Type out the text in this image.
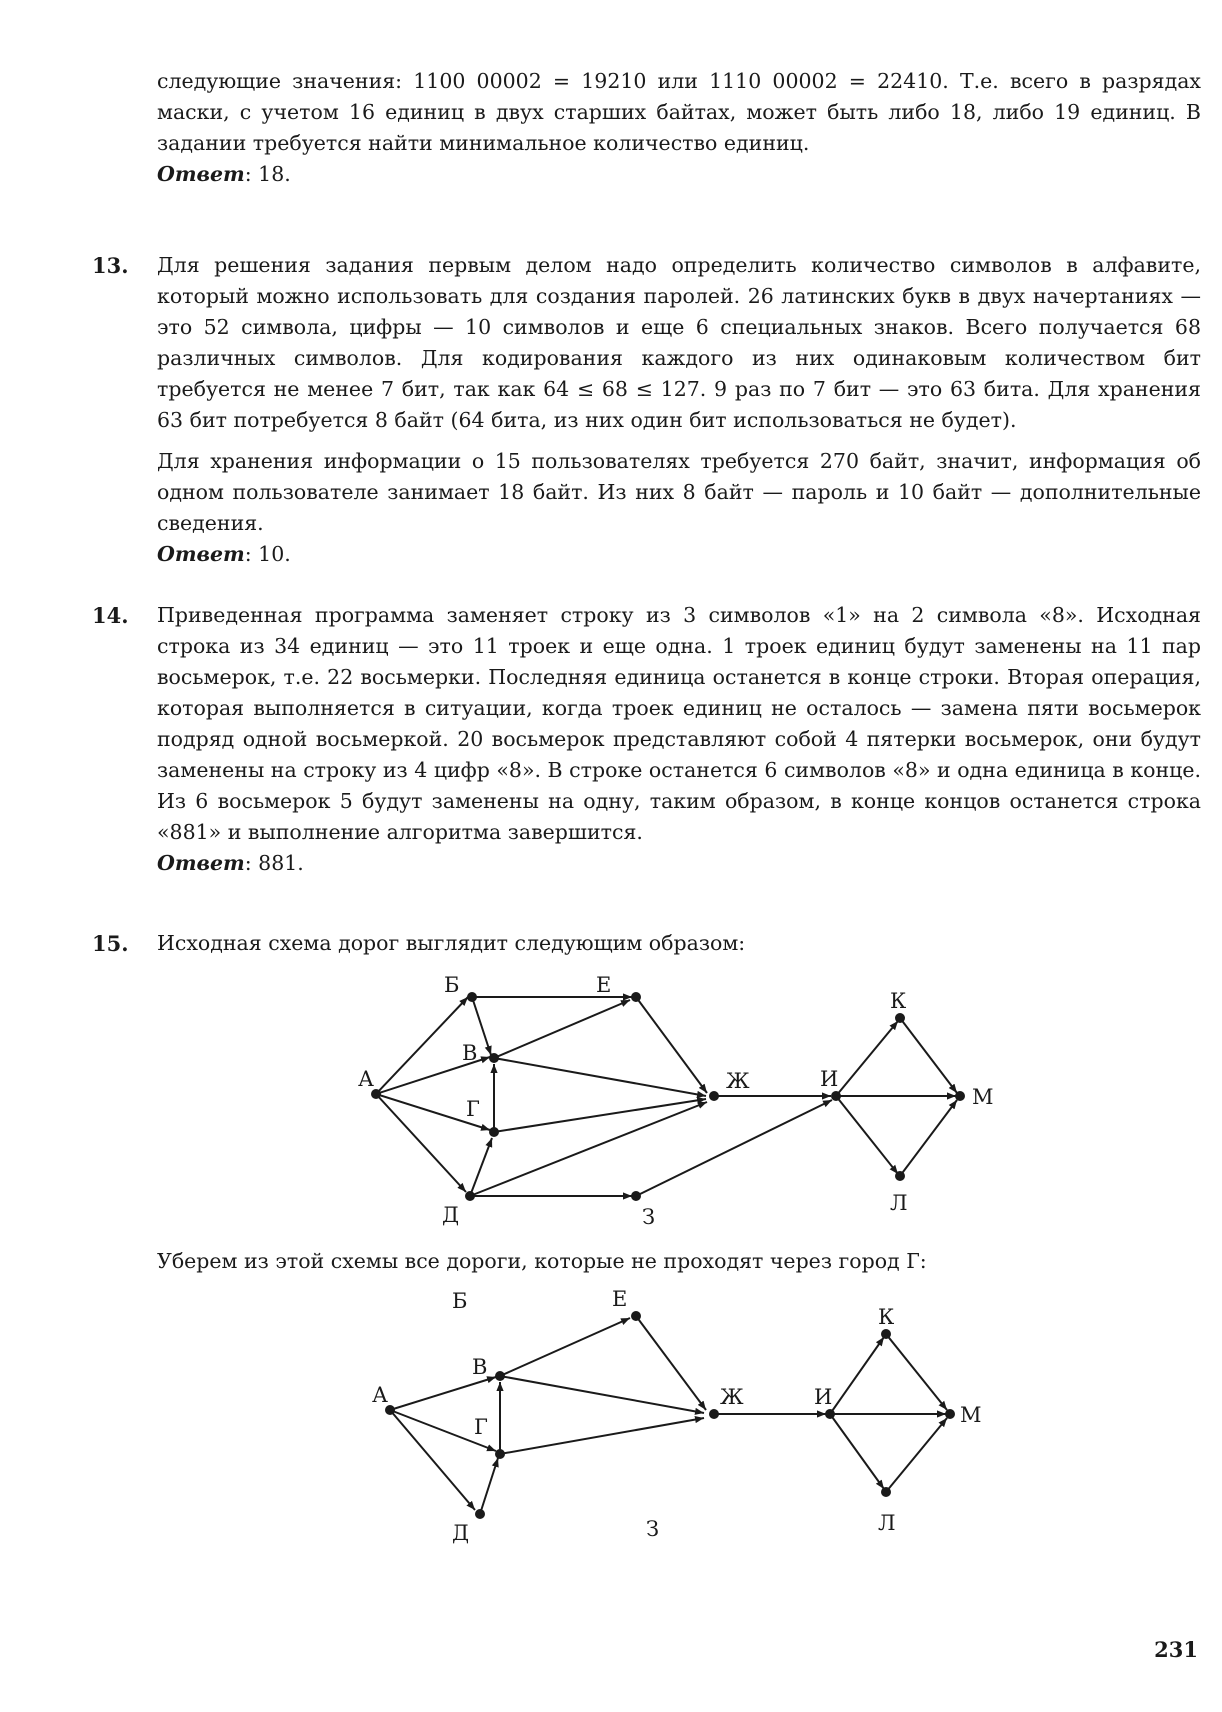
следующие значения: 1100 00002 = 19210 или 1110 00002 = 22410. Т.е. всего в разрядах маски, с учетом 16 единиц в двух старших байтах, может быть либо 18, либо 19 единиц. В задании требуется найти минимальное количество единиц.

Ответ: 18.

13. Для решения задания первым делом надо определить количество символов в алфавите, который можно использовать для создания паролей. 26 латинских букв в двух начертаниях — это 52 символа, цифры — 10 символов и еще 6 специальных знаков. Всего получается 68 различных символов. Для кодирования каждого из них одинаковым количеством бит требуется не менее 7 бит, так как 64 ≤ 68 ≤ 127. 9 раз по 7 бит — это 63 бита. Для хранения 63 бит потребуется 8 байт (64 бита, из них один бит использоваться не будет).

Для хранения информации о 15 пользователях требуется 270 байт, значит, информация об одном пользователе занимает 18 байт. Из них 8 байт — пароль и 10 байт — дополнительные сведения.

Ответ: 10.

14. Приведенная программа заменяет строку из 3 символов «1» на 2 символа «8». Исходная строка из 34 единиц — это 11 троек и еще одна. 1 троек единиц будут заменены на 11 пар восьмерок, т.е. 22 восьмерки. Последняя единица останется в конце строки. Вторая операция, которая выполняется в ситуации, когда троек единиц не осталось — замена пяти восьмерок подряд одной восьмеркой. 20 восьмерок представляют собой 4 пятерки восьмерок, они будут заменены на строку из 4 цифр «8». В строке останется 6 символов «8» и одна единица в конце. Из 6 восьмерок 5 будут заменены на одну, таким образом, в конце концов останется строка «881» и выполнение алгоритма завершится.

Ответ: 881.

15. Исходная схема дорог выглядит следующим образом:

А
Б
В
Г
Д
Е
Ж
З
И
К
Л
М

Уберем из этой схемы все дороги, которые не проходят через город Г:

А
Б
В
Г
Д
Е
Ж
З
И
К
Л
М
231
